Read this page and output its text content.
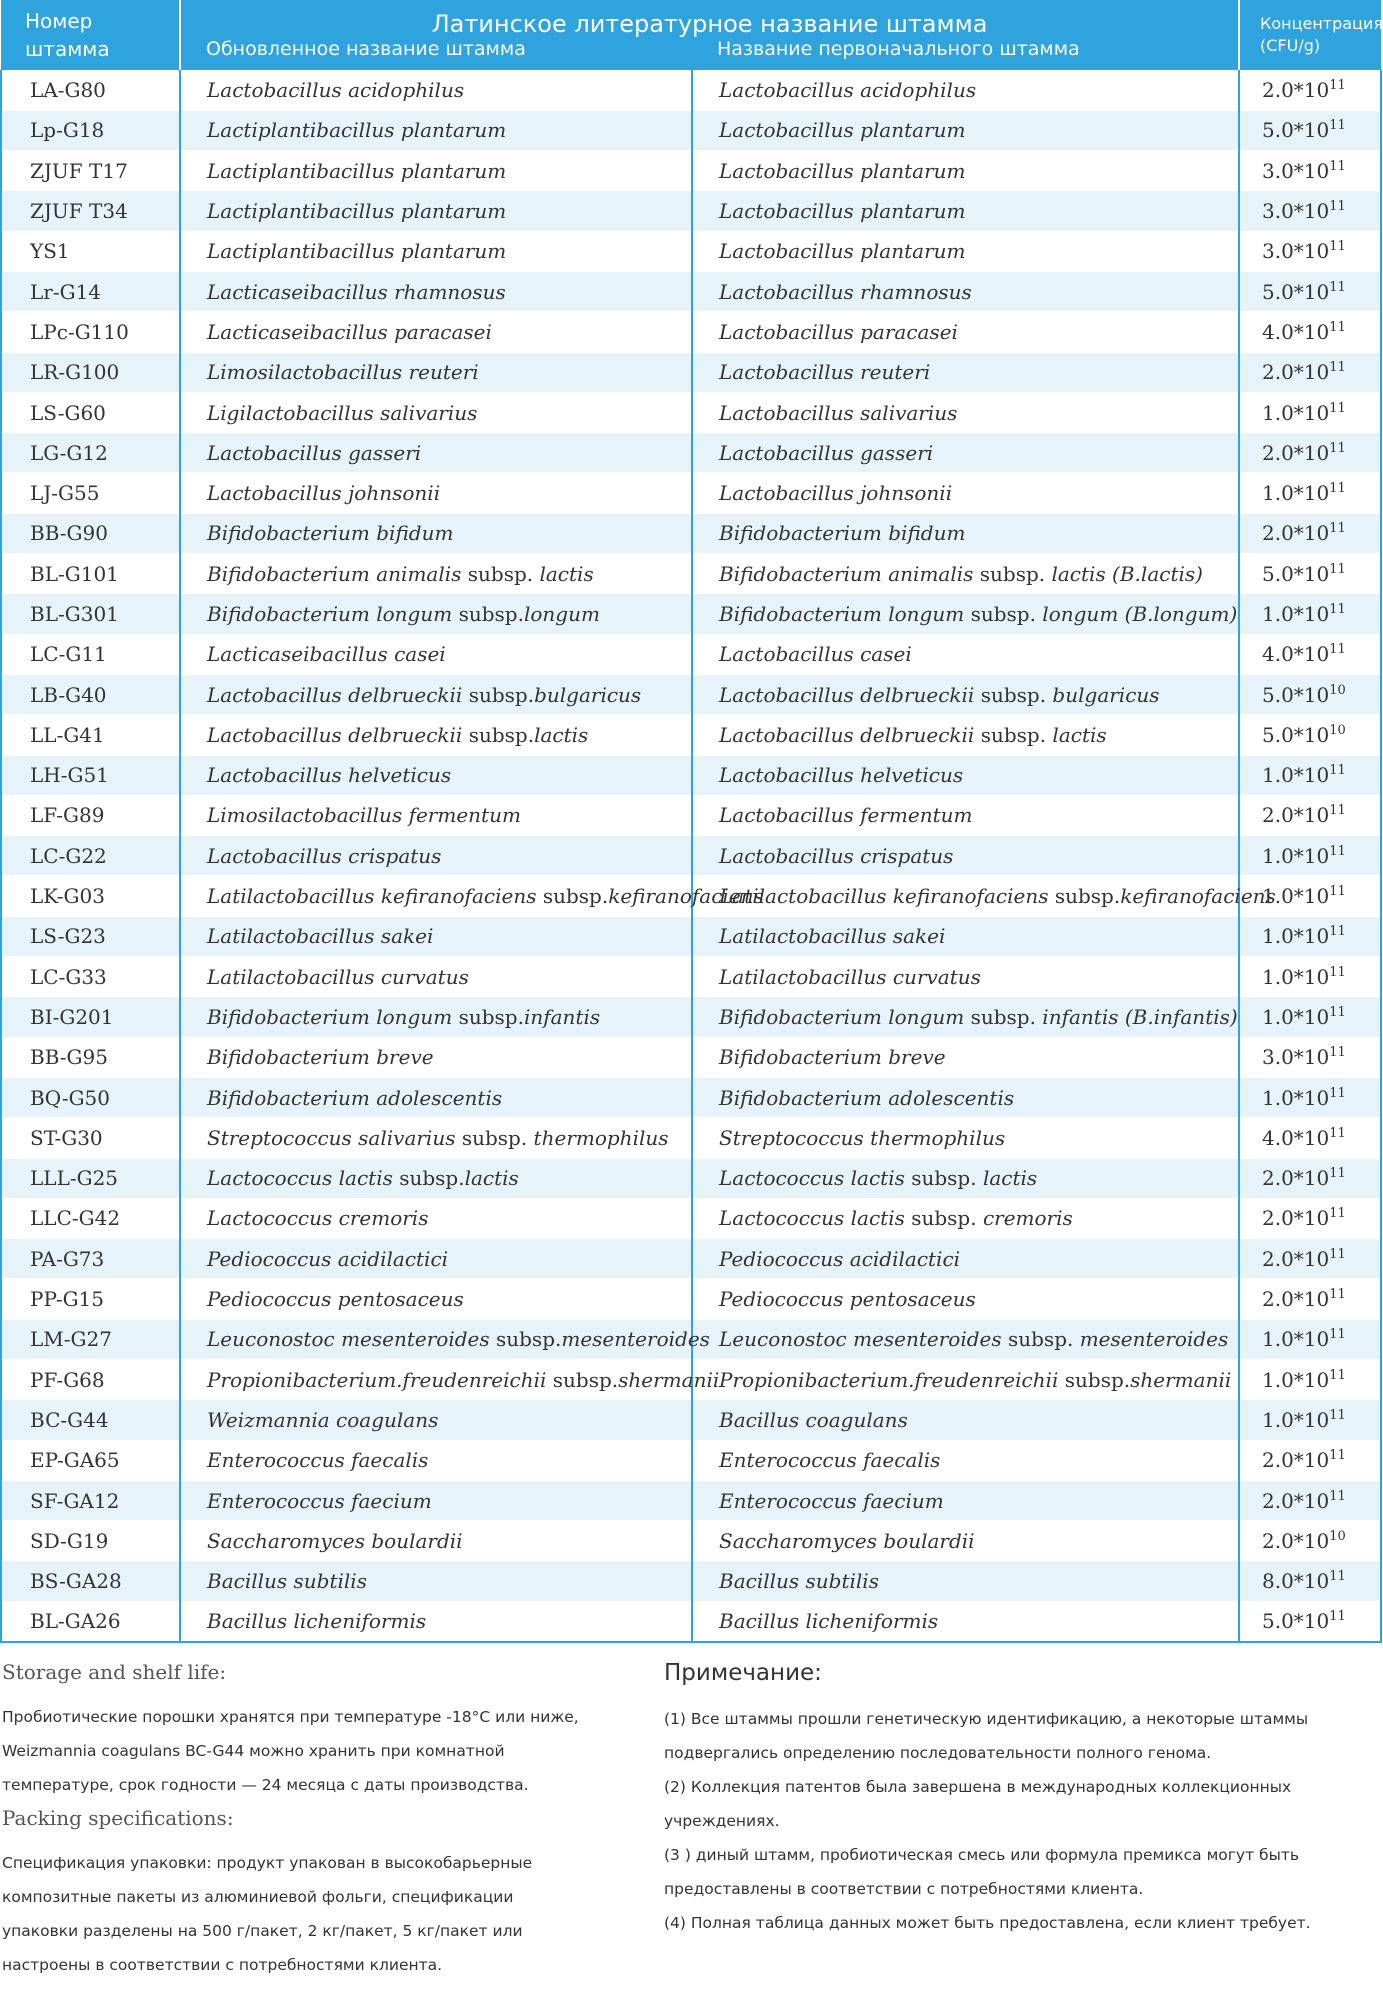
Номер штамма	Латинское литературное название штамма		Концентрация (CFU/g)
	Обновленное название штамма	Название первоначального штамма	
LA-G80	Lactobacillus acidophilus	Lactobacillus acidophilus	$2.0*10^{11}$
Lp-G18	Lactiplantibacillus plantarum	Lactobacillus plantarum	$5.0*10^{11}$
ZJUF T17	Lactiplantibacillus plantarum	Lactobacillus plantarum	$3.0*10^{11}$
ZJUF T34	Lactiplantibacillus plantarum	Lactobacillus plantarum	$3.0*10^{11}$
YS1	Lactiplantibacillus plantarum	Lactobacillus plantarum	$3.0*10^{11}$
Lr-G14	Lacticaseibacillus rhamnosus	Lactobacillus rhamnosus	$5.0*10^{11}$
LPc-G110	Lacticaseibacillus paracasei	Lactobacillus paracasei	$4.0*10^{11}$
LR-G100	Limosilactobacillus reuteri	Lactobacillus reuteri	$2.0*10^{11}$
LS-G60	Ligilactobacillus salivarius	Lactobacillus salivarius	$1.0*10^{11}$
LG-G12	Lactobacillus gasseri	Lactobacillus gasseri	$2.0*10^{11}$
LJ-G55	Lactobacillus johnsonii	Lactobacillus johnsonii	$1.0*10^{11}$
BB-G90	Bifidobacterium bifidum	Bifidobacterium bifidum	$2.0*10^{11}$
BL-G101	Bifidobacterium animalis subsp. lactis	Bifidobacterium animalis subsp. lactis (B.lactis)	$5.0*10^{11}$
BL-G301	Bifidobacterium longum subsp.longum	Bifidobacterium longum subsp. longum (B.longum)	$1.0*10^{11}$
LC-G11	Lacticaseibacillus casei	Lactobacillus casei	$4.0*10^{11}$
LB-G40	Lactobacillus delbrueckii subsp.bulgaricus	Lactobacillus delbrueckii subsp. bulgaricus	$5.0*10^{10}$
LL-G41	Lactobacillus delbrueckii subsp.lactis	Lactobacillus delbrueckii subsp. lactis	$5.0*10^{10}$
LH-G51	Lactobacillus helveticus	Lactobacillus helveticus	$1.0*10^{11}$
LF-G89	Limosilactobacillus fermentum	Lactobacillus fermentum	$2.0*10^{11}$
LC-G22	Lactobacillus crispatus	Lactobacillus crispatus	$1.0*10^{11}$
LK-G03	Latilactobacillus kefiranofaciens subsp.kefiranofaciens	Latilactobacillus kefiranofaciens subsp.kefiranofaciens	$1.0*10^{11}$
LS-G23	Latilactobacillus sakei	Latilactobacillus sakei	$1.0*10^{11}$
LC-G33	Latilactobacillus curvatus	Latilactobacillus curvatus	$1.0*10^{11}$
BI-G201	Bifidobacterium longum subsp.infantis	Bifidobacterium longum subsp. infantis (B.infantis)	$1.0*10^{11}$
BB-G95	Bifidobacterium breve	Bifidobacterium breve	$3.0*10^{11}$
BQ-G50	Bifidobacterium adolescentis	Bifidobacterium adolescentis	$1.0*10^{11}$
ST-G30	Streptococcus salivarius subsp. thermophilus	Streptococcus thermophilus	$4.0*10^{11}$
LLL-G25	Lactococcus lactis subsp.lactis	Lactococcus lactis subsp. lactis	$2.0*10^{11}$
LLC-G42	Lactococcus cremoris	Lactococcus lactis subsp. cremoris	$2.0*10^{11}$
PA-G73	Pediococcus acidilactici	Pediococcus acidilactici	$2.0*10^{11}$
PP-G15	Pediococcus pentosaceus	Pediococcus pentosaceus	$2.0*10^{11}$
LM-G27	Leuconostoc mesenteroides subsp.mesenteroides	Leuconostoc mesenteroides subsp. mesenteroides	$1.0*10^{11}$
PF-G68	Propionibacterium.freudenreichii subsp.shermanii	Propionibacterium.freudenreichii subsp.shermanii	$1.0*10^{11}$
BC-G44	Weizmannia coagulans	Bacillus coagulans	$1.0*10^{11}$
EP-GA65	Enterococcus faecalis	Enterococcus faecalis	$2.0*10^{11}$
SF-GA12	Enterococcus faecium	Enterococcus faecium	$2.0*10^{11}$
SD-G19	Saccharomyces boulardii	Saccharomyces boulardii	$2.0*10^{10}$
BS-GA28	Bacillus subtilis	Bacillus subtilis	$8.0*10^{11}$
BL-GA26	Bacillus licheniformis	Bacillus licheniformis	$5.0*10^{11}$

Storage and shelf life:

Пробиотические порошки хранятся при температуре -18°C или ниже,

Weizmannia coagulans BC-G44 можно хранить при комнатной

температуре, срок годности — 24 месяца с даты производства.

Packing specifications:

Спецификация упаковки: продукт упакован в высокобарьерные

композитные пакеты из алюминиевой фольги, спецификации

упаковки разделены на 500 г/пакет, 2 кг/пакет, 5 кг/пакет или

настроены в соответствии с потребностями клиента.

Примечание:

(1) Все штаммы прошли генетическую идентификацию, а некоторые штаммы

подвергались определению последовательности полного генома.

(2) Коллекция патентов была завершена в международных коллекционных

учреждениях.

(3 ) диный штамм, пробиотическая смесь или формула премикса могут быть

предоставлены в соответствии с потребностями клиента.

(4) Полная таблица данных может быть предоставлена, если клиент требует.
